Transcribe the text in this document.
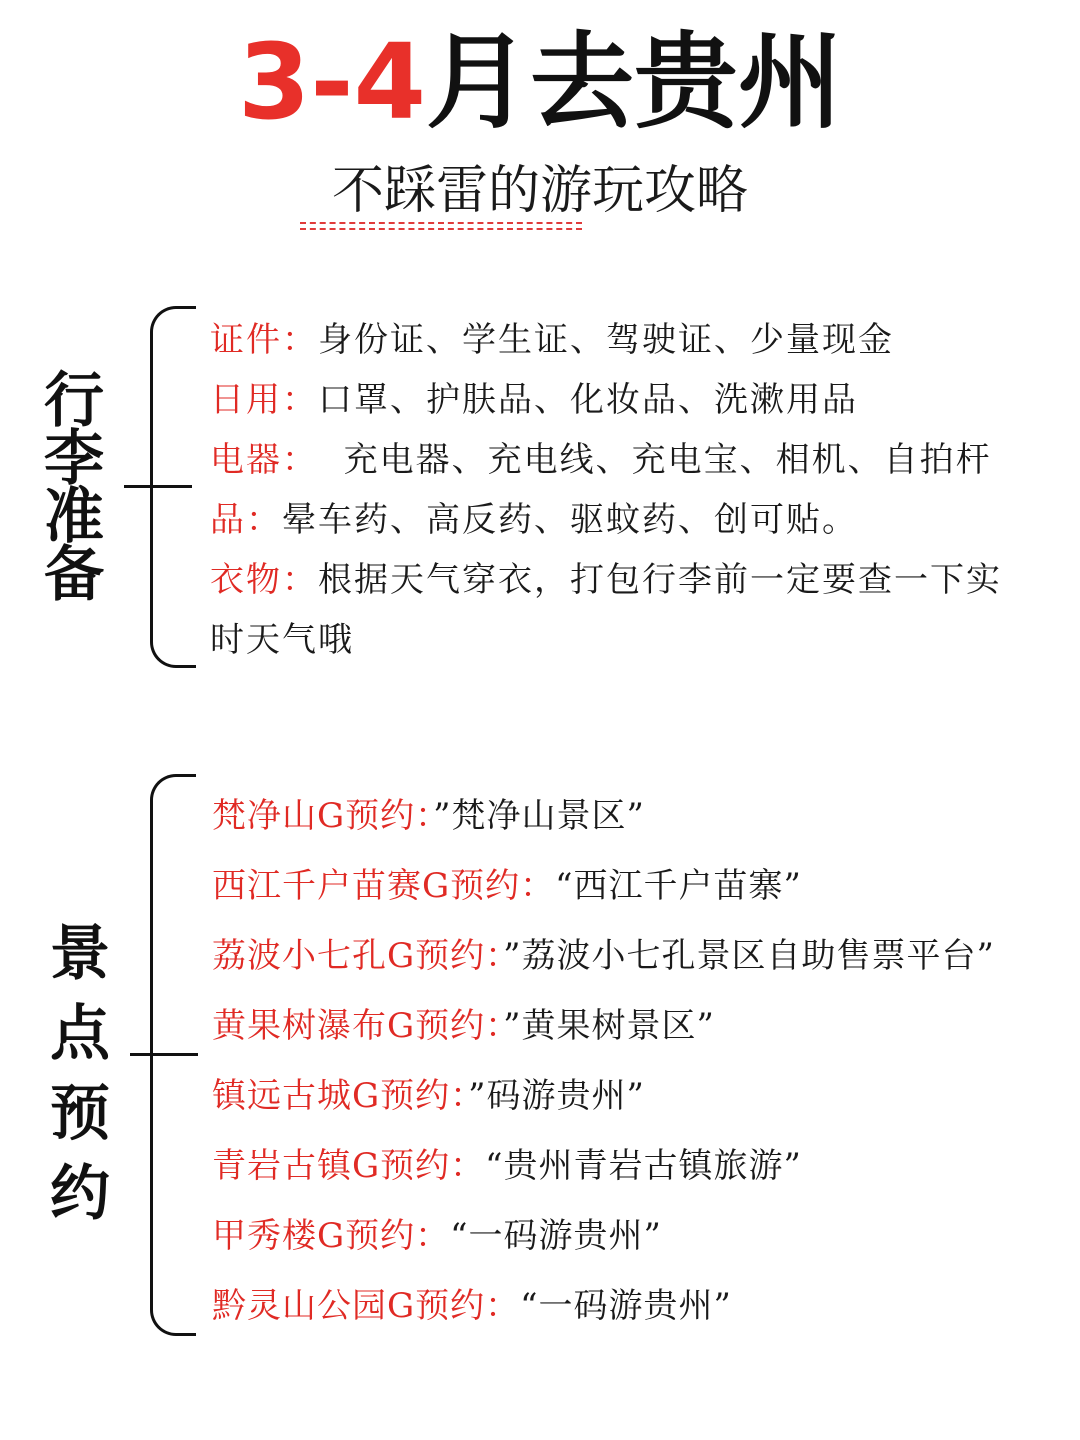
3-4月去贵州
不踩雷的游玩攻略
行
李
准
备
证件：身份证、学生证、驾驶证、少量现金
日用：口罩、护肤品、化妆品、洗漱用品
电器：  充电器、充电线、充电宝、相机、自拍杆
品：晕车药、高反药、驱蚊药、创可贴。
衣物：根据天气穿衣，打包行李前一定要查一下实
时天气哦
景
点
预
约
梵净山G预约：”梵净山景区”
西江千户苗赛G预约：“西江千户苗寨”
荔波小七孔G预约：”荔波小七孔景区自助售票平台”
黄果树瀑布G预约：”黄果树景区”
镇远古城G预约：”码游贵州”
青岩古镇G预约：“贵州青岩古镇旅游”
甲秀楼G预约：“一码游贵州”
黔灵山公园G预约：“一码游贵州”
